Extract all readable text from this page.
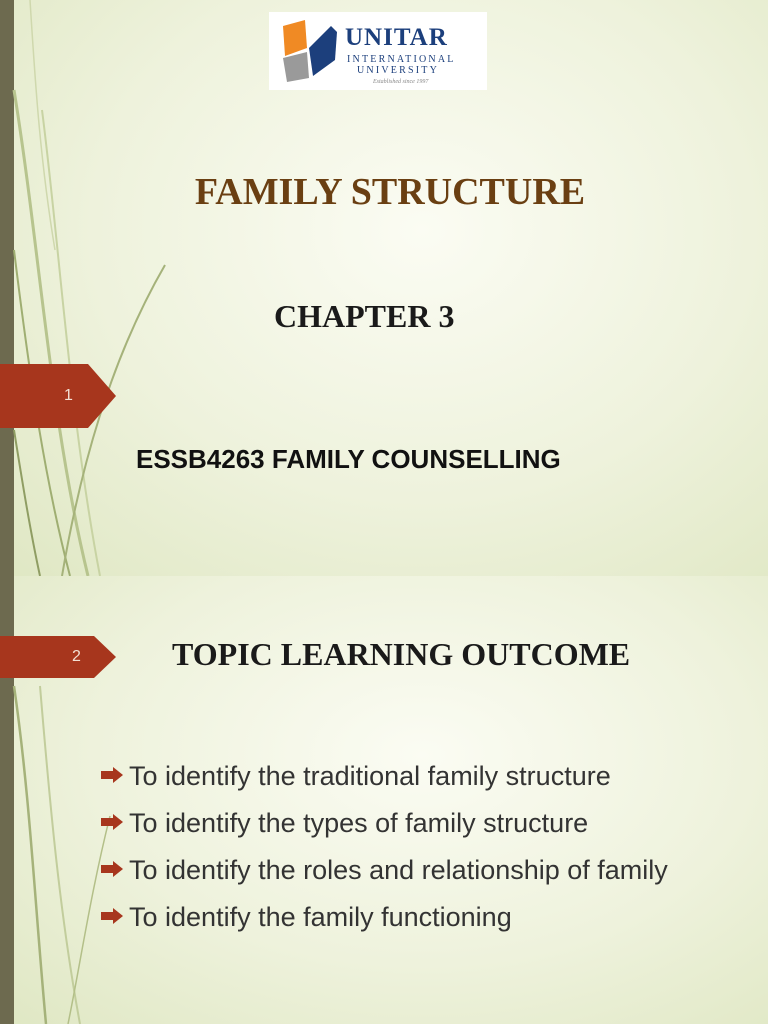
UNITAR
INTERNATIONAL
UNIVERSITY
Established since 1997
FAMILY STRUCTURE
CHAPTER 3
1
ESSB4263 FAMILY COUNSELLING
2	TOPIC LEARNING OUTCOME
To identify the traditional family structure
To identify the types of family structure
To identify the roles and relationship of family
To identify the family functioning
